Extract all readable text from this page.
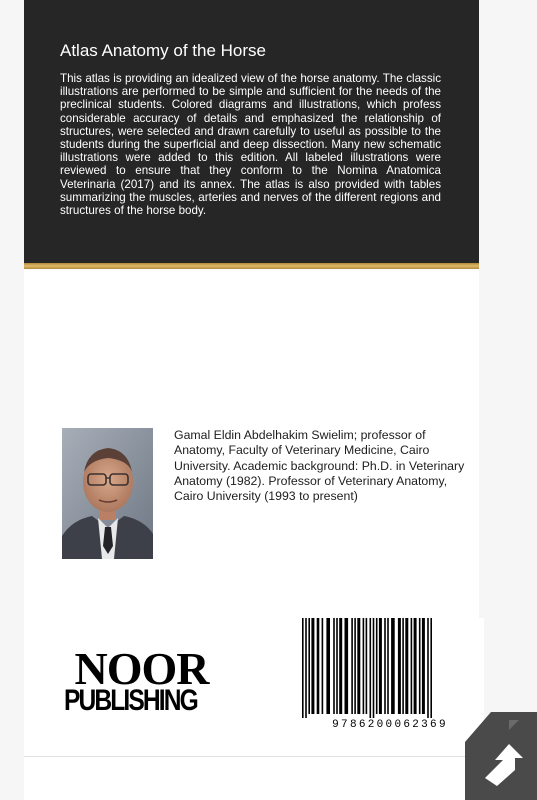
Atlas Anatomy of the Horse
This atlas is providing an idealized view of the horse anatomy. The classic illustrations are performed to be simple and sufficient for the needs of the preclinical students. Colored diagrams and illustrations, which profess considerable accuracy of details and emphasized the relationship of structures, were selected and drawn carefully to useful as possible to the students during the superficial and deep dissection. Many new schematic illustrations were added to this edition. All labeled illustrations were reviewed to ensure that they conform to the Nomina Anatomica Veterinaria (2017) and its annex. The atlas is also provided with tables summarizing the muscles, arteries and nerves of the different regions and structures of the horse body.
Gamal Eldin Abdelhakim Swielim; professor of Anatomy, Faculty of Veterinary Medicine, Cairo University. Academic background: Ph.D. in Veterinary Anatomy (1982). Professor of Veterinary Anatomy, Cairo University (1993 to present)
NOOR
PUBLISHING
9786200062369
